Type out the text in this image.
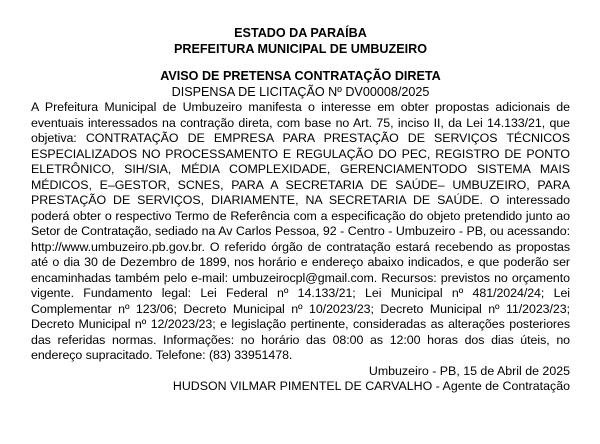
ESTADO DA PARAÍBA
PREFEITURA MUNICIPAL DE UMBUZEIRO
AVISO DE PRETENSA CONTRATAÇÃO DIRETA
DISPENSA DE LICITAÇÃO Nº DV00008/2025
A Prefeitura Municipal de Umbuzeiro manifesta o interesse em obter propostas adicionais de eventuais interessados na contração direta, com base no Art. 75, inciso II, da Lei 14.133/21, que objetiva: CONTRATAÇÃO DE EMPRESA PARA PRESTAÇÃO DE SERVIÇOS TÉCNICOS ESPECIALIZADOS NO PROCESSAMENTO E REGULAÇÃO DO PEC, REGISTRO DE PONTO ELETRÔNICO, SIH/SIA, MÉDIA COMPLEXIDADE, GERENCIAMENTODO SISTEMA MAIS MÉDICOS, E–GESTOR, SCNES, PARA A SECRETARIA DE SAÚDE– UMBUZEIRO, PARA PRESTAÇÃO DE SERVIÇOS, DIARIAMENTE, NA SECRETARIA DE SAÚDE. O interessado poderá obter o respectivo Termo de Referência com a especificação do objeto pretendido junto ao Setor de Contratação, sediado na Av Carlos Pessoa, 92 - Centro - Umbuzeiro - PB, ou acessando: http://www.umbuzeiro.pb.gov.br. O referido órgão de contratação estará recebendo as propostas até o dia 30 de Dezembro de 1899, nos horário e endereço abaixo indicados, e que poderão ser encaminhadas também pelo e-mail: umbuzeirocpl@gmail.com. Recursos: previstos no orçamento vigente. Fundamento legal: Lei Federal nº 14.133/21; Lei Municipal nº 481/2024/24; Lei Complementar nº 123/06; Decreto Municipal nº 10/2023/23; Decreto Municipal nº 11/2023/23; Decreto Municipal nº 12/2023/23; e legislação pertinente, consideradas as alterações posteriores das referidas normas. Informações: no horário das 08:00 as 12:00 horas dos dias úteis, no endereço supracitado. Telefone: (83) 33951478.
Umbuzeiro - PB, 15 de Abril de 2025
HUDSON VILMAR PIMENTEL DE CARVALHO - Agente de Contratação
